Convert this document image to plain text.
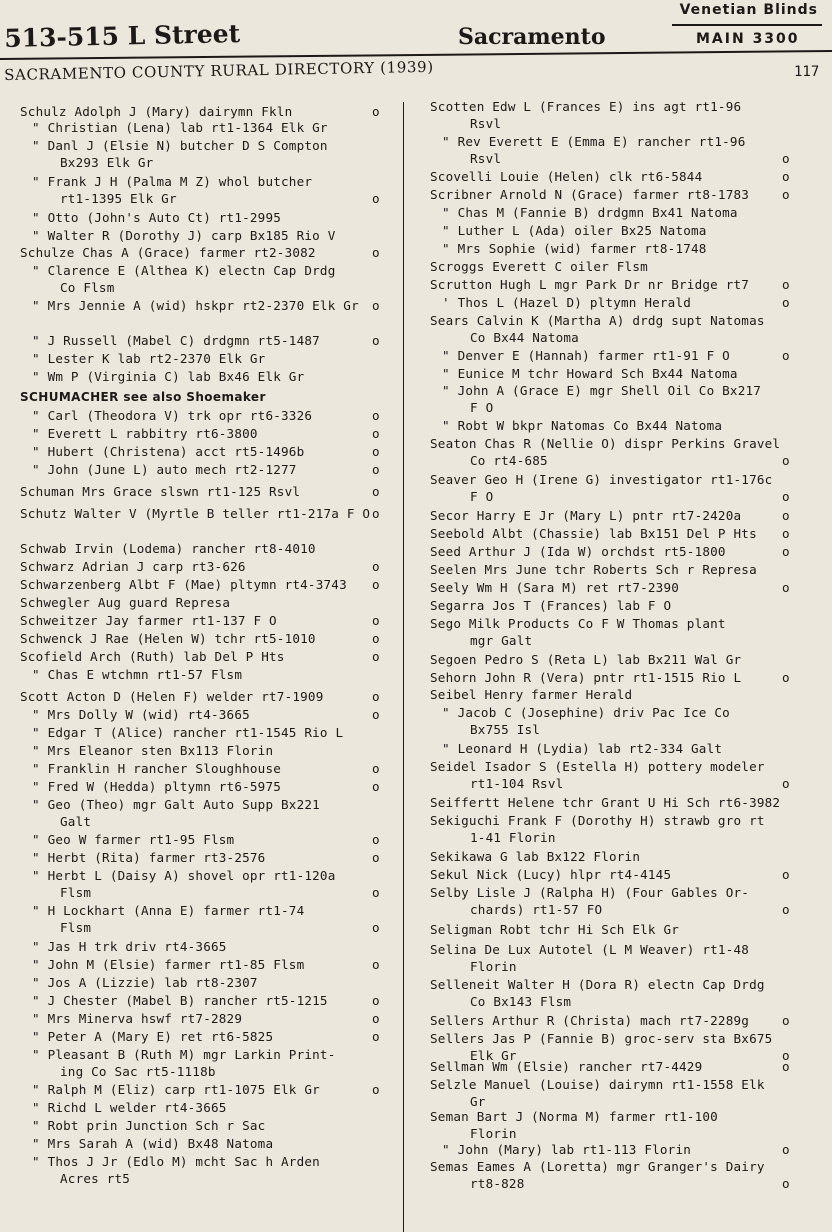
513-515 L Street	Sacramento
Venetian Blinds
MAIN 3300
SACRAMENTO COUNTY RURAL DIRECTORY (1939)	117
Schulz Adolph J (Mary) dairymn Fkln	o
" Christian (Lena) lab rt1-1364 Elk Gr
" Danl J (Elsie N) butcher D S Compton
Bx293 Elk Gr
" Frank J H (Palma M Z) whol butcher
rt1-1395 Elk Gr	o
" Otto (John's Auto Ct) rt1-2995
" Walter R (Dorothy J) carp Bx185 Rio V
Schulze Chas A (Grace) farmer rt2-3082	o
" Clarence E (Althea K) electn Cap Drdg
Co Flsm
" Mrs Jennie A (wid) hskpr rt2-2370 Elk Gr o
" J Russell (Mabel C) drdgmn rt5-1487	o
" Lester K lab rt2-2370 Elk Gr
" Wm P (Virginia C) lab Bx46 Elk Gr
SCHUMACHER see also Shoemaker
" Carl (Theodora V) trk opr rt6-3326	o
" Everett L rabbitry rt6-3800	o
" Hubert (Christena) acct rt5-1496b	o
" John (June L) auto mech rt2-1277	o
Schuman Mrs Grace slswn rt1-125 Rsvl	o
Schutz Walter V (Myrtle B teller rt1-217a F O o
Schwab Irvin (Lodema) rancher rt8-4010
Schwarz Adrian J carp rt3-626	o
Schwarzenberg Albt F (Mae) pltymn rt4-3743 o
Schwegler Aug guard Represa
Schweitzer Jay farmer rt1-137 F O	o
Schwenck J Rae (Helen W) tchr rt5-1010	o
Scofield Arch (Ruth) lab Del P Hts	o
" Chas E wtchmn rt1-57 Flsm
Scott Acton D (Helen F) welder rt7-1909	o
" Mrs Dolly W (wid) rt4-3665	o
" Edgar T (Alice) rancher rt1-1545 Rio L
" Mrs Eleanor sten Bx113 Florin
" Franklin H rancher Sloughhouse	o
" Fred W (Hedda) pltymn rt6-5975	o
" Geo (Theo) mgr Galt Auto Supp Bx221
Galt
" Geo W farmer rt1-95 Flsm	o
" Herbt (Rita) farmer rt3-2576	o
" Herbt L (Daisy A) shovel opr rt1-120a
Flsm	o
" H Lockhart (Anna E) farmer rt1-74
Flsm	o
" Jas H trk driv rt4-3665
" John M (Elsie) farmer rt1-85 Flsm	o
" Jos A (Lizzie) lab rt8-2307
" J Chester (Mabel B) rancher rt5-1215	o
" Mrs Minerva hswf rt7-2829	o
" Peter A (Mary E) ret rt6-5825	o
" Pleasant B (Ruth M) mgr Larkin Print-
ing Co Sac rt5-1118b
" Ralph M (Eliz) carp rt1-1075 Elk Gr	o
" Richd L welder rt4-3665
" Robt prin Junction Sch r Sac
" Mrs Sarah A (wid) Bx48 Natoma
" Thos J Jr (Edlo M) mcht Sac h Arden
Acres rt5
Scotten Edw L (Frances E) ins agt rt1-96
Rsvl
" Rev Everett E (Emma E) rancher rt1-96
Rsvl	o
Scovelli Louie (Helen) clk rt6-5844	o
Scribner Arnold N (Grace) farmer rt8-1783	o
" Chas M (Fannie B) drdgmn Bx41 Natoma
" Luther L (Ada) oiler Bx25 Natoma
" Mrs Sophie (wid) farmer rt8-1748
Scroggs Everett C oiler Flsm
Scrutton Hugh L mgr Park Dr nr Bridge rt7	o
' Thos L (Hazel D) pltymn Herald	o
Sears Calvin K (Martha A) drdg supt Natomas
Co Bx44 Natoma
" Denver E (Hannah) farmer rt1-91 F O	o
" Eunice M tchr Howard Sch Bx44 Natoma
" John A (Grace E) mgr Shell Oil Co Bx217
F O
" Robt W bkpr Natomas Co Bx44 Natoma
Seaton Chas R (Nellie O) dispr Perkins Gravel
Co rt4-685	o
Seaver Geo H (Irene G) investigator rt1-176c
F O	o
Secor Harry E Jr (Mary L) pntr rt7-2420a	o
Seebold Albt (Chassie) lab Bx151 Del P Hts o
Seed Arthur J (Ida W) orchdst rt5-1800	o
Seelen Mrs June tchr Roberts Sch r Represa
Seely Wm H (Sara M) ret rt7-2390	o
Segarra Jos T (Frances) lab F O
Sego Milk Products Co F W Thomas plant
mgr Galt
Segoen Pedro S (Reta L) lab Bx211 Wal Gr
Sehorn John R (Vera) pntr rt1-1515 Rio L	o
Seibel Henry farmer Herald
" Jacob C (Josephine) driv Pac Ice Co
Bx755 Isl
" Leonard H (Lydia) lab rt2-334 Galt
Seidel Isador S (Estella H) pottery modeler
rt1-104 Rsvl	o
Seiffertt Helene tchr Grant U Hi Sch rt6-3982
Sekiguchi Frank F (Dorothy H) strawb gro rt
1-41 Florin
Sekikawa G lab Bx122 Florin
Sekul Nick (Lucy) hlpr rt4-4145	o
Selby Lisle J (Ralpha H) (Four Gables Or-
chards) rt1-57 FO	o
Seligman Robt tchr Hi Sch Elk Gr
Selina De Lux Autotel (L M Weaver) rt1-48
Florin
Selleneit Walter H (Dora R) electn Cap Drdg
Co Bx143 Flsm
Sellers Arthur R (Christa) mach rt7-2289g	o
Sellers Jas P (Fannie B) groc-serv sta Bx675
Elk Gr	o
Sellman Wm (Elsie) rancher rt7-4429	o
Selzle Manuel (Louise) dairymn rt1-1558 Elk
Gr
Seman Bart J (Norma M) farmer rt1-100
Florin
" John (Mary) lab rt1-113 Florin	o
Semas Eames A (Loretta) mgr Granger's Dairy
rt8-828	o
